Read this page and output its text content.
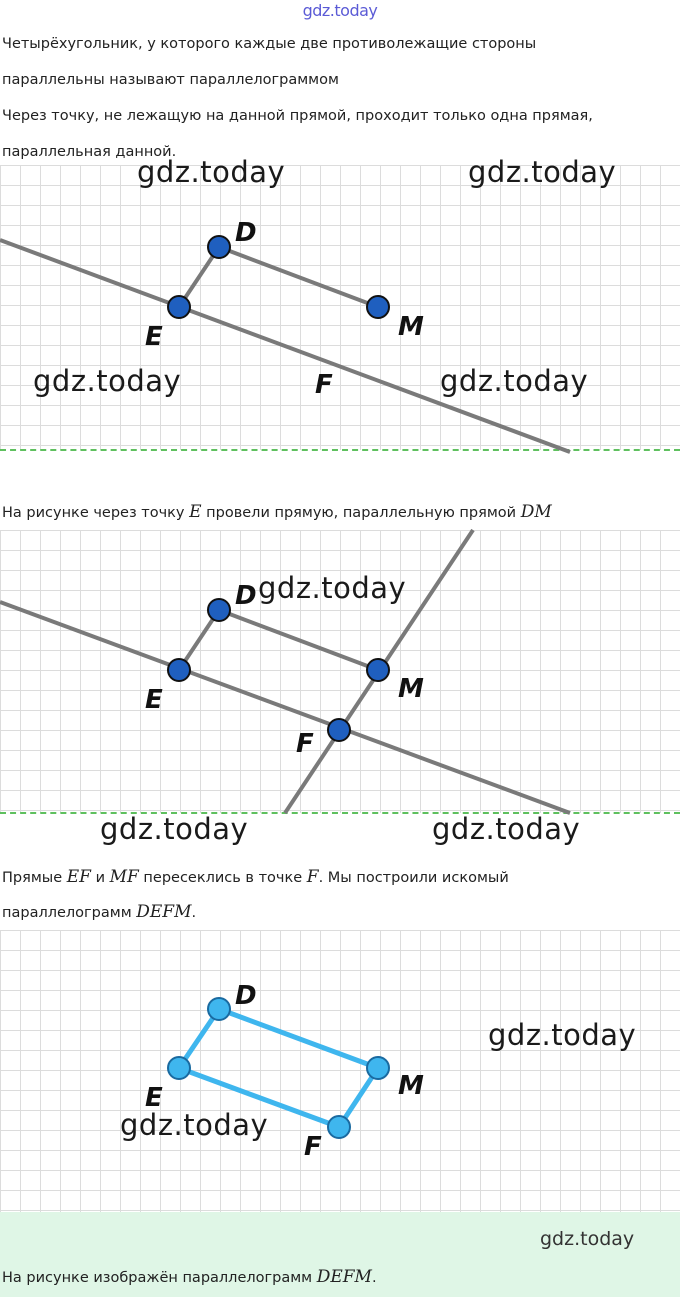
gdz.today
Четырёхугольник, у которого каждые две противолежащие стороны
параллельны называют параллелограммом
Через точку, не лежащую на данной прямой, проходит только одна прямая,
параллельная данной.
D
E	M
F
gdz.today	gdz.today
gdz.today	gdz.today
На рисунке через точку E провели прямую, параллельную прямой DM
D
E	M
F
gdz.today
gdz.today	gdz.today
Прямые EF и MF пересеклись в точке F. Мы построили искомый
параллелограмм DEFM.
D
E	M
F
gdz.today
gdz.today
gdz.today
На рисунке изображён параллелограмм DEFM.
